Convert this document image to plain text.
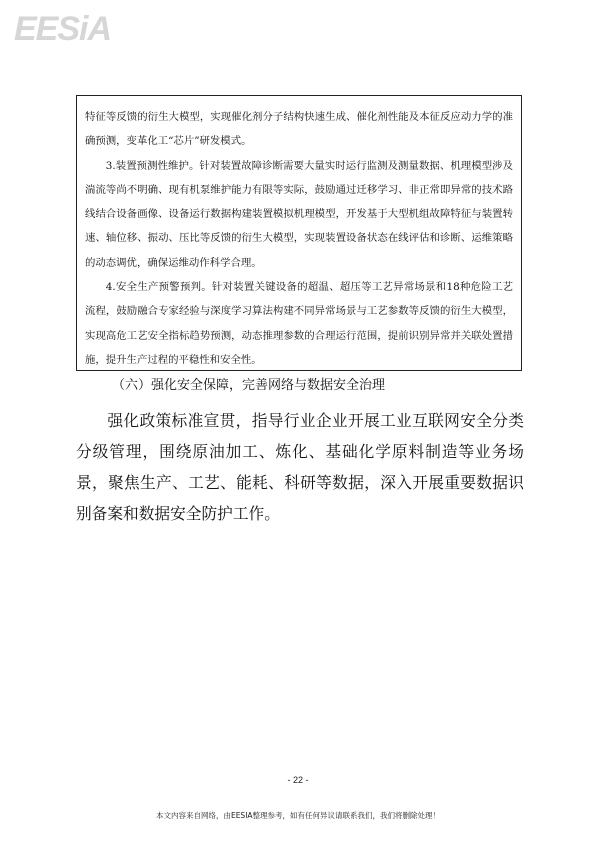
EESiA

特征等反馈的衍生大模型，实现催化剂分子结构快速生成、催化剂性能及本征反应动力学的准确预测，变革化工“芯片”研发模式。

3.装置预测性维护。针对装置故障诊断需要大量实时运行监测及测量数据、机理模型涉及湍流等尚不明确、现有机泵维护能力有限等实际，鼓励通过迁移学习、非正常即异常的技术路线结合设备画像、设备运行数据构建装置模拟机理模型，开发基于大型机组故障特征与装置转速、轴位移、振动、压比等反馈的衍生大模型，实现装置设备状态在线评估和诊断、运维策略的动态调优，确保运维动作科学合理。

4.安全生产预警预判。针对装置关键设备的超温、超压等工艺异常场景和18种危险工艺流程，鼓励融合专家经验与深度学习算法构建不同异常场景与工艺参数等反馈的衍生大模型，实现高危工艺安全指标趋势预测，动态推理参数的合理运行范围，提前识别异常并关联处置措施，提升生产过程的平稳性和安全性。

（六）强化安全保障，完善网络与数据安全治理

强化政策标准宣贯，指导行业企业开展工业互联网安全分类分级管理，围绕原油加工、炼化、基础化学原料制造等业务场景，聚焦生产、工艺、能耗、科研等数据，深入开展重要数据识别备案和数据安全防护工作。

- 22 -
本文内容来自网络，由EESIA整理参考，如有任何异议请联系我们，我们将删除处理！
